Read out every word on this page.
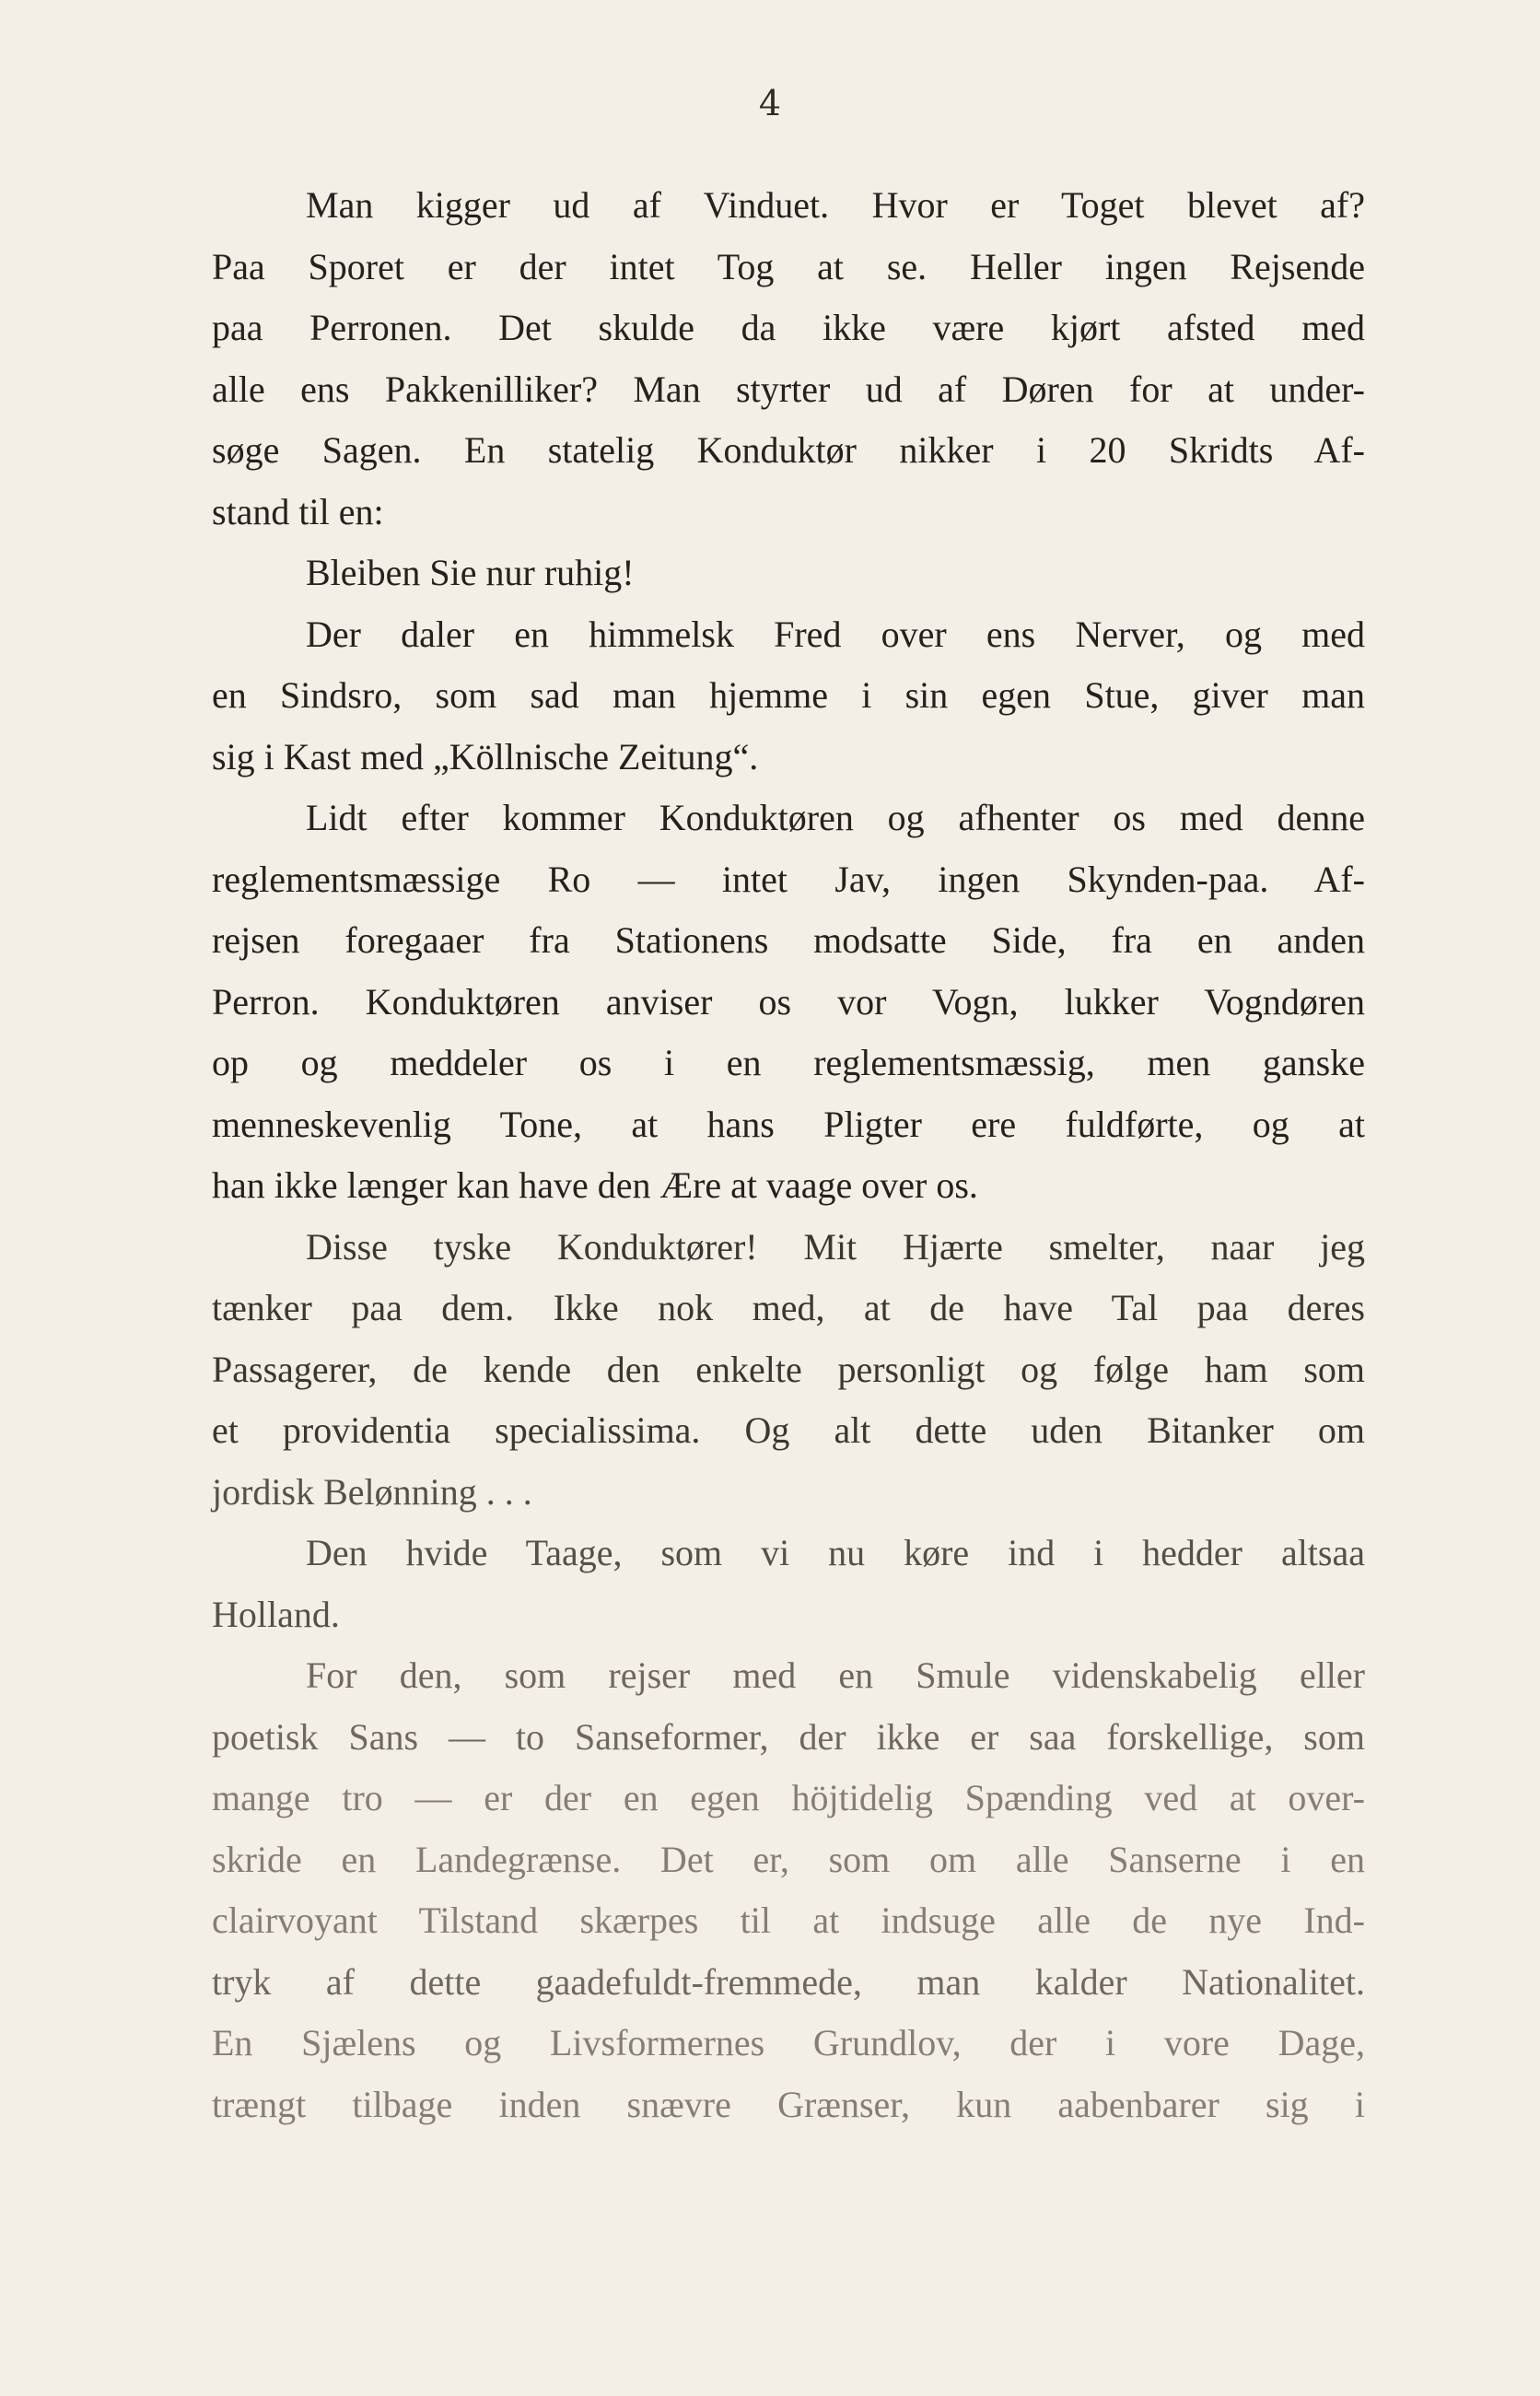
4
Man kigger ud af Vinduet. Hvor er Toget blevet af?
Paa Sporet er der intet Tog at se. Heller ingen Rejsende
paa Perronen. Det skulde da ikke være kjørt afsted med
alle ens Pakkenilliker? Man styrter ud af Døren for at under-
søge Sagen. En statelig Konduktør nikker i 20 Skridts Af-
stand til en:
Bleiben Sie nur ruhig!
Der daler en himmelsk Fred over ens Nerver, og med
en Sindsro, som sad man hjemme i sin egen Stue, giver man
sig i Kast med „Köllnische Zeitung“.
Lidt efter kommer Konduktøren og afhenter os med denne
reglementsmæssige Ro — intet Jav, ingen Skynden-paa. Af-
rejsen foregaaer fra Stationens modsatte Side, fra en anden
Perron. Konduktøren anviser os vor Vogn, lukker Vogndøren
op og meddeler os i en reglementsmæssig, men ganske
menneskevenlig Tone, at hans Pligter ere fuldførte, og at
han ikke længer kan have den Ære at vaage over os.
Disse tyske Konduktører! Mit Hjærte smelter, naar jeg
tænker paa dem. Ikke nok med, at de have Tal paa deres
Passagerer, de kende den enkelte personligt og følge ham som
et providentia specialissima. Og alt dette uden Bitanker om
jordisk Belønning . . .
Den hvide Taage, som vi nu køre ind i hedder altsaa
Holland.
For den, som rejser med en Smule videnskabelig eller
poetisk Sans — to Sanseformer, der ikke er saa forskellige, som
mange tro — er der en egen höjtidelig Spænding ved at over-
skride en Landegrænse. Det er, som om alle Sanserne i en
clairvoyant Tilstand skærpes til at indsuge alle de nye Ind-
tryk af dette gaadefuldt-fremmede, man kalder Nationalitet.
En Sjælens og Livsformernes Grundlov, der i vore Dage,
trængt tilbage inden snævre Grænser, kun aabenbarer sig i
